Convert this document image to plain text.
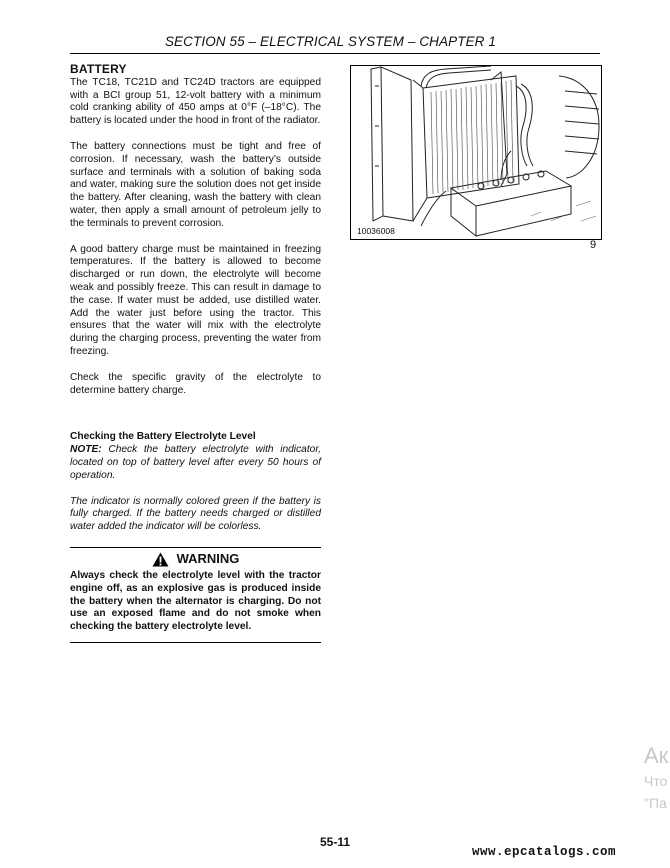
SECTION 55 – ELECTRICAL SYSTEM – CHAPTER 1
BATTERY

The TC18, TC21D and TC24D tractors are equipped with a BCI group 51, 12-volt battery with a minimum cold cranking ability of 450 amps at 0°F (–18°C). The battery is located under the hood in front of the radiator.

The battery connections must be tight and free of corrosion. If necessary, wash the battery’s outside surface and terminals with a solution of baking soda and water, making sure the solution does not get inside the battery. After cleaning, wash the battery with clean water, then apply a small amount of petroleum jelly to the terminals to prevent corrosion.

A good battery charge must be maintained in freezing temperatures. If the battery is allowed to become discharged or run down, the electrolyte will become weak and possibly freeze. This can result in damage to the case. If water must be added, use distilled water. Add the water just before using the tractor. This ensures that the water will mix with the electrolyte during the charging process, preventing the water from freezing.

Check the specific gravity of the electrolyte to determine battery charge.

Checking the Battery Electrolyte Level

NOTE: Check the battery electrolyte with indicator, located on top of battery level after every 50 hours of operation.

The indicator is normally colored green if the battery is fully charged. If the battery needs charged or distilled water added the indicator will be colorless.

WARNING

Always check the electrolyte level with the tractor engine off, as an explosive gas is produced inside the battery when the alternator is charging. Do not use an exposed flame and do not smoke when checking the battery electrolyte level.

10036008
9
55-11
Ак
Что
"Па
www.epcatalogs.com
